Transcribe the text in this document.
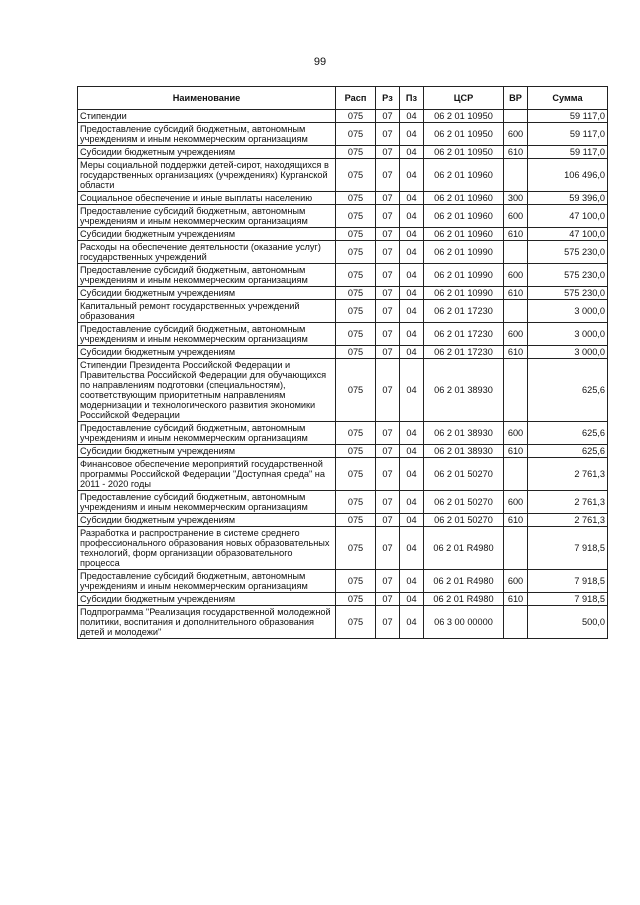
99
Наименование	Расп	Рз	Пз	ЦСР	ВР	Сумма
Стипендии	075	07	04	06 2 01 10950		59 117,0
Предоставление субсидий бюджетным, автономным учреждениям и иным некоммерческим организациям	075	07	04	06 2 01 10950	600	59 117,0
Субсидии бюджетным учреждениям	075	07	04	06 2 01 10950	610	59 117,0
Меры социальной поддержки детей-сирот, находящихся в государственных организациях (учреждениях) Курганской области	075	07	04	06 2 01 10960		106 496,0
Социальное обеспечение и иные выплаты населению	075	07	04	06 2 01 10960	300	59 396,0
Предоставление субсидий бюджетным, автономным учреждениям и иным некоммерческим организациям	075	07	04	06 2 01 10960	600	47 100,0
Субсидии бюджетным учреждениям	075	07	04	06 2 01 10960	610	47 100,0
Расходы на обеспечение деятельности (оказание услуг) государственных учреждений	075	07	04	06 2 01 10990		575 230,0
Предоставление субсидий бюджетным, автономным учреждениям и иным некоммерческим организациям	075	07	04	06 2 01 10990	600	575 230,0
Субсидии бюджетным учреждениям	075	07	04	06 2 01 10990	610	575 230,0
Капитальный ремонт государственных учреждений образования	075	07	04	06 2 01 17230		3 000,0
Предоставление субсидий бюджетным, автономным учреждениям и иным некоммерческим организациям	075	07	04	06 2 01 17230	600	3 000,0
Субсидии бюджетным учреждениям	075	07	04	06 2 01 17230	610	3 000,0
Стипендии Президента Российской Федерации и Правительства Российской Федерации для обучающихся по направлениям подготовки (специальностям), соответствующим приоритетным направлениям модернизации и технологического развития экономики Российской Федерации	075	07	04	06 2 01 38930		625,6
Предоставление субсидий бюджетным, автономным учреждениям и иным некоммерческим организациям	075	07	04	06 2 01 38930	600	625,6
Субсидии бюджетным учреждениям	075	07	04	06 2 01 38930	610	625,6
Финансовое обеспечение мероприятий государственной программы Российской Федерации "Доступная среда" на 2011 - 2020 годы	075	07	04	06 2 01 50270		2 761,3
Предоставление субсидий бюджетным, автономным учреждениям и иным некоммерческим организациям	075	07	04	06 2 01 50270	600	2 761,3
Субсидии бюджетным учреждениям	075	07	04	06 2 01 50270	610	2 761,3
Разработка и распространение в системе среднего профессионального образования новых образовательных технологий, форм организации образовательного процесса	075	07	04	06 2 01 R4980		7 918,5
Предоставление субсидий бюджетным, автономным учреждениям и иным некоммерческим организациям	075	07	04	06 2 01 R4980	600	7 918,5
Субсидии бюджетным учреждениям	075	07	04	06 2 01 R4980	610	7 918,5
Подпрограмма "Реализация государственной молодежной политики, воспитания и дополнительного образования детей и молодежи"	075	07	04	06 3 00 00000		500,0
